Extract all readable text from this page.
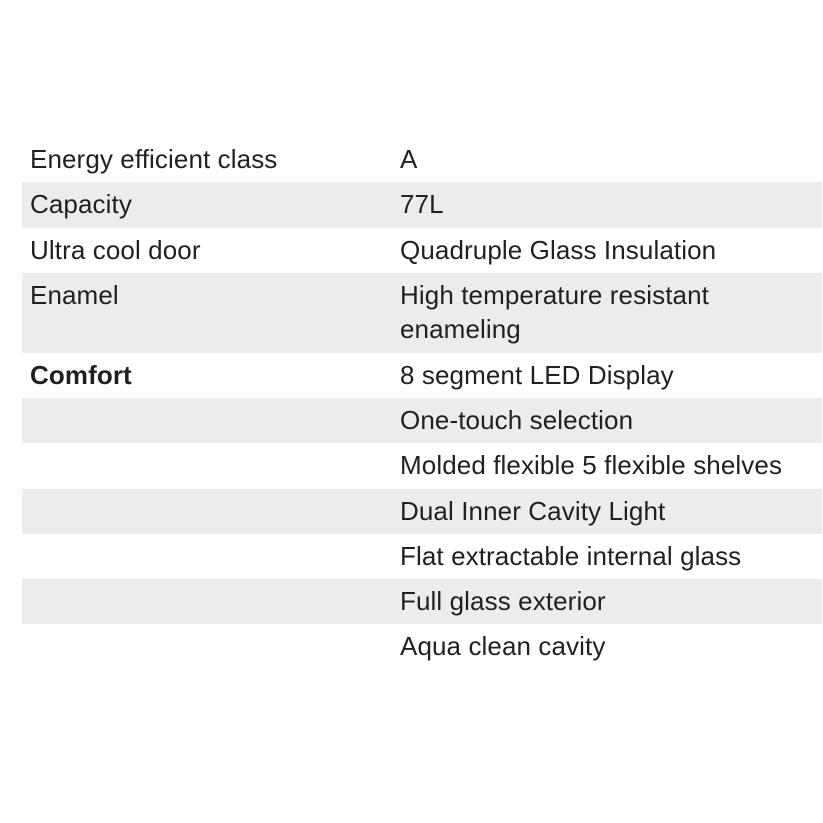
Energy efficient class	A
Capacity	77L
Ultra cool door	Quadruple Glass Insulation
Enamel	High temperature resistant enameling
Comfort	8 segment LED Display
	One-touch selection
	Molded flexible 5 flexible shelves
	Dual Inner Cavity Light
	Flat extractable internal glass
	Full glass exterior
	Aqua clean cavity
